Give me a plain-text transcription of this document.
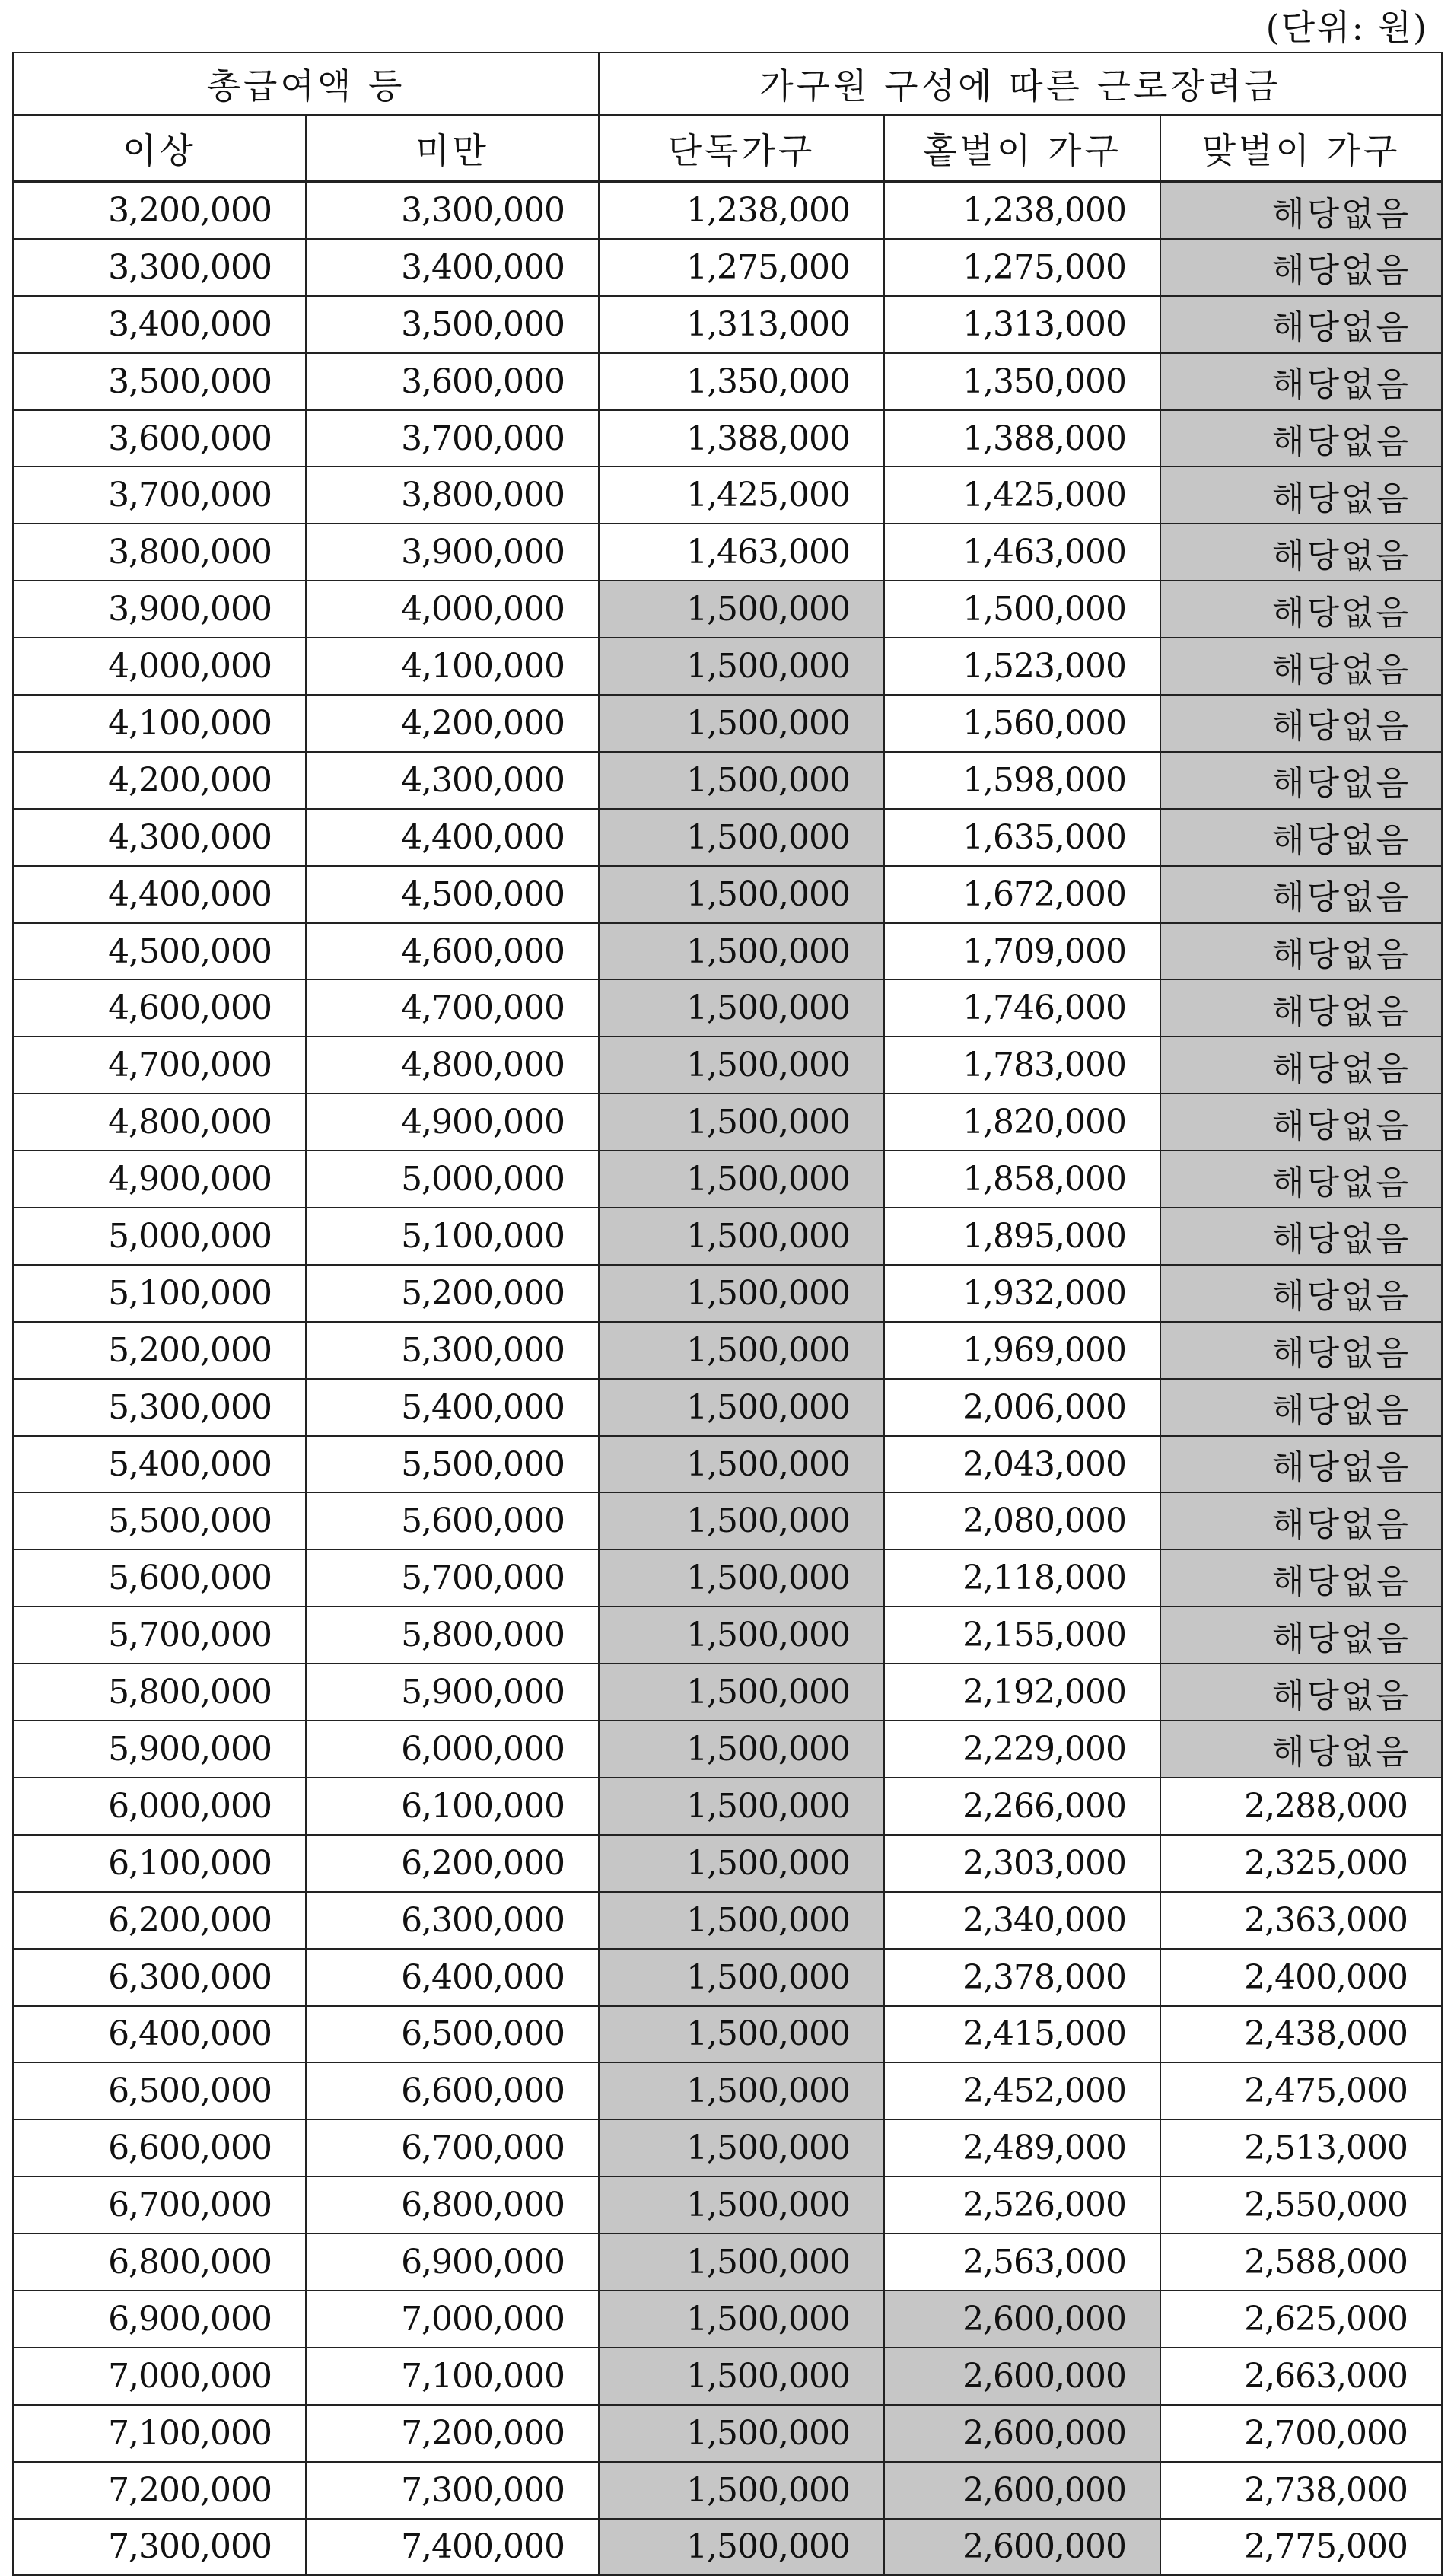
(단위: 원)
총급여액 등		가구원 구성에 따른 근로장려금		
이상	미만	단독가구	홑벌이 가구	맞벌이 가구
3,200,000	3,300,000	1,238,000	1,238,000	해당없음
3,300,000	3,400,000	1,275,000	1,275,000	해당없음
3,400,000	3,500,000	1,313,000	1,313,000	해당없음
3,500,000	3,600,000	1,350,000	1,350,000	해당없음
3,600,000	3,700,000	1,388,000	1,388,000	해당없음
3,700,000	3,800,000	1,425,000	1,425,000	해당없음
3,800,000	3,900,000	1,463,000	1,463,000	해당없음
3,900,000	4,000,000	1,500,000	1,500,000	해당없음
4,000,000	4,100,000	1,500,000	1,523,000	해당없음
4,100,000	4,200,000	1,500,000	1,560,000	해당없음
4,200,000	4,300,000	1,500,000	1,598,000	해당없음
4,300,000	4,400,000	1,500,000	1,635,000	해당없음
4,400,000	4,500,000	1,500,000	1,672,000	해당없음
4,500,000	4,600,000	1,500,000	1,709,000	해당없음
4,600,000	4,700,000	1,500,000	1,746,000	해당없음
4,700,000	4,800,000	1,500,000	1,783,000	해당없음
4,800,000	4,900,000	1,500,000	1,820,000	해당없음
4,900,000	5,000,000	1,500,000	1,858,000	해당없음
5,000,000	5,100,000	1,500,000	1,895,000	해당없음
5,100,000	5,200,000	1,500,000	1,932,000	해당없음
5,200,000	5,300,000	1,500,000	1,969,000	해당없음
5,300,000	5,400,000	1,500,000	2,006,000	해당없음
5,400,000	5,500,000	1,500,000	2,043,000	해당없음
5,500,000	5,600,000	1,500,000	2,080,000	해당없음
5,600,000	5,700,000	1,500,000	2,118,000	해당없음
5,700,000	5,800,000	1,500,000	2,155,000	해당없음
5,800,000	5,900,000	1,500,000	2,192,000	해당없음
5,900,000	6,000,000	1,500,000	2,229,000	해당없음
6,000,000	6,100,000	1,500,000	2,266,000	2,288,000
6,100,000	6,200,000	1,500,000	2,303,000	2,325,000
6,200,000	6,300,000	1,500,000	2,340,000	2,363,000
6,300,000	6,400,000	1,500,000	2,378,000	2,400,000
6,400,000	6,500,000	1,500,000	2,415,000	2,438,000
6,500,000	6,600,000	1,500,000	2,452,000	2,475,000
6,600,000	6,700,000	1,500,000	2,489,000	2,513,000
6,700,000	6,800,000	1,500,000	2,526,000	2,550,000
6,800,000	6,900,000	1,500,000	2,563,000	2,588,000
6,900,000	7,000,000	1,500,000	2,600,000	2,625,000
7,000,000	7,100,000	1,500,000	2,600,000	2,663,000
7,100,000	7,200,000	1,500,000	2,600,000	2,700,000
7,200,000	7,300,000	1,500,000	2,600,000	2,738,000
7,300,000	7,400,000	1,500,000	2,600,000	2,775,000
